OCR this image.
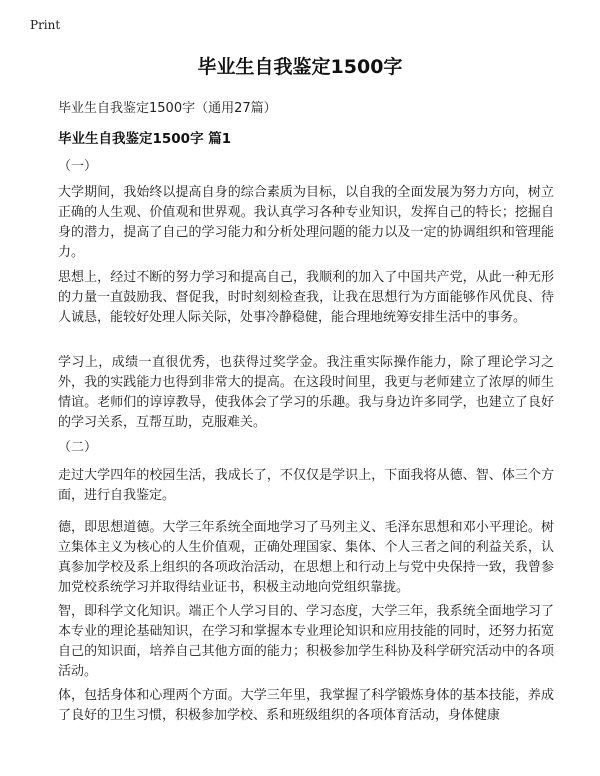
Print
毕业生自我鉴定1500字

毕业生自我鉴定1500字（通用27篇）

毕业生自我鉴定1500字 篇1

（一）

大学期间，我始终以提高自身的综合素质为目标，以自我的全面发展为努力方向，树立正确的人生观、价值观和世界观。我认真学习各种专业知识，发挥自己的特长；挖掘自身的潜力，提高了自己的学习能力和分析处理问题的能力以及一定的协调组织和管理能力。

思想上，经过不断的努力学习和提高自己，我顺利的加入了中国共产党，从此一种无形的力量一直鼓励我、督促我，时时刻刻检查我，让我在思想行为方面能够作风优良、待人诚恳，能较好处理人际关际，处事冷静稳健，能合理地统筹安排生活中的事务。

学习上，成绩一直很优秀，也获得过奖学金。我注重实际操作能力，除了理论学习之外，我的实践能力也得到非常大的提高。在这段时间里，我更与老师建立了浓厚的师生情谊。老师们的谆谆教导，使我体会了学习的乐趣。我与身边许多同学，也建立了良好的学习关系，互帮互助，克服难关。

（二）

走过大学四年的校园生活，我成长了，不仅仅是学识上，下面我将从德、智、体三个方面，进行自我鉴定。

德，即思想道德。大学三年系统全面地学习了马列主义、毛泽东思想和邓小平理论。树立集体主义为核心的人生价值观，正确处理国家、集体、个人三者之间的利益关系，认真参加学校及系上组织的各项政治活动，在思想上和行动上与党中央保持一致，我曾参加党校系统学习并取得结业证书，积极主动地向党组织靠拢。

智，即科学文化知识。端正个人学习目的、学习态度，大学三年，我系统全面地学习了本专业的理论基础知识，在学习和掌握本专业理论知识和应用技能的同时，还努力拓宽自己的知识面，培养自己其他方面的能力；积极参加学生科协及科学研究活动中的各项活动。

体，包括身体和心理两个方面。大学三年里，我掌握了科学锻炼身体的基本技能，养成了良好的卫生习惯，积极参加学校、系和班级组织的各项体育活动，身体健康
